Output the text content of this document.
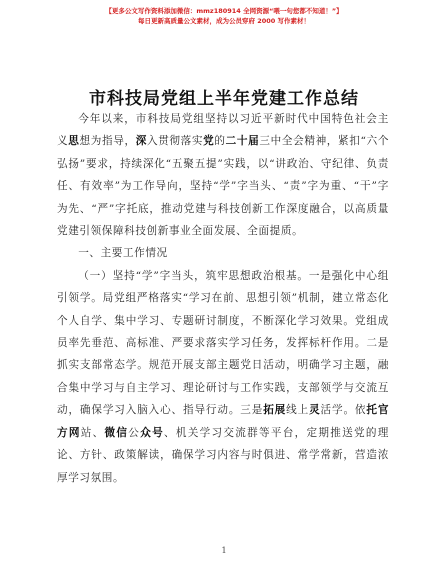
【更多公文写作资料添加微信：mmz180914 全网资源“喂一句您都不知道！”】
每日更新高质量公文素材，成为公员穿府 2000 写作素材！
市科技局党组上半年党建工作总结

今年以来，市科技局党组坚持以习近平新时代中国特色社会主义思想为指导，深入贯彻落实党的二十届三中全会精神，紧扣“六个弘扬”要求，持续深化“五聚五提”实践，以“讲政治、守纪律、负责任、有效率”为工作导向，坚持“学”字当头、“责”字为重、“干”字为先、“严”字托底，推动党建与科技创新工作深度融合，以高质量党建引领保障科技创新事业全面发展、全面提质。

一、主要工作情况

（一）坚持“学”字当头，筑牢思想政治根基。一是强化中心组引领学。局党组严格落实“学习在前、思想引领”机制，建立常态化个人自学、集中学习、专题研讨制度，不断深化学习效果。党组成员率先垂范、高标准、严要求落实学习任务，发挥标杆作用。二是抓实支部常态学。规范开展支部主题党日活动，明确学习主题，融合集中学习与自主学习、理论研讨与工作实践，支部领学与交流互动，确保学习入脑入心、指导行动。三是拓展线上灵活学。依托官方网站、微信公众号、机关学习交流群等平台，定期推送党的理论、方针、政策解读，确保学习内容与时俱进、常学常新，营造浓厚学习氛围。

1
